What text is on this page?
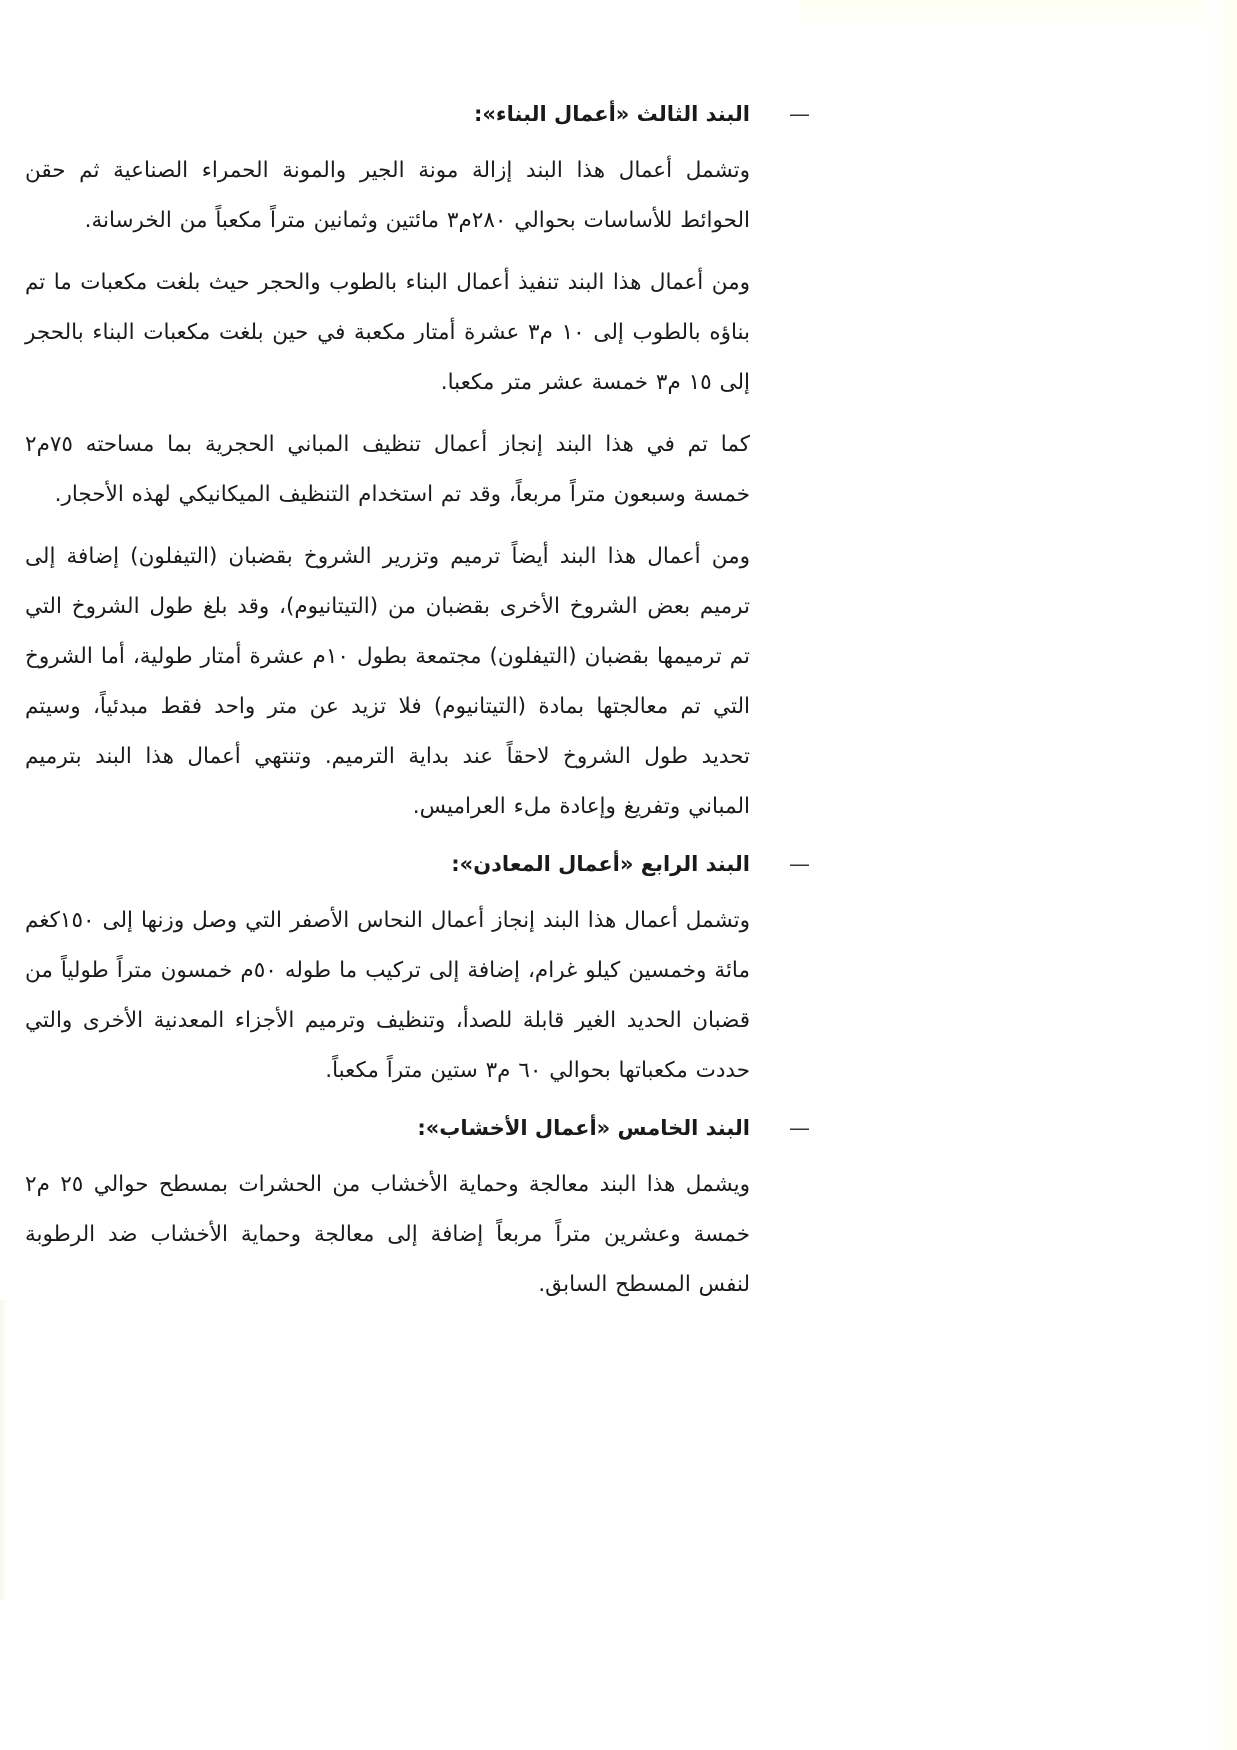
—
البند الثالث «أعمال البناء»:

وتشمل أعمال هذا البند إزالة مونة الجير والمونة الحمراء الصناعية ثم حقن الحوائط للأساسات بحوالي ٢٨٠م٣ مائتين وثمانين متراً مكعباً من الخرسانة.

ومن أعمال هذا البند تنفيذ أعمال البناء بالطوب والحجر حيث بلغت مكعبات ما تم بناؤه بالطوب إلى ١٠ م٣ عشرة أمتار مكعبة في حين بلغت مكعبات البناء بالحجر إلى ١٥ م٣ خمسة عشر متر مكعبا.

كما تم في هذا البند إنجاز أعمال تنظيف المباني الحجرية بما مساحته ٧٥م٢ خمسة وسبعون متراً مربعاً، وقد تم استخدام التنظيف الميكانيكي لهذه الأحجار.

ومن أعمال هذا البند أيضاً ترميم وتزرير الشروخ بقضبان (التيفلون) إضافة إلى ترميم بعض الشروخ الأخرى بقضبان من (التيتانيوم)، وقد بلغ طول الشروخ التي تم ترميمها بقضبان (التيفلون) مجتمعة بطول ١٠م عشرة أمتار طولية، أما الشروخ التي تم معالجتها بمادة (التيتانيوم) فلا تزيد عن متر واحد فقط مبدئياً، وسيتم تحديد طول الشروخ لاحقاً عند بداية الترميم. وتنتهي أعمال هذا البند بترميم المباني وتفريغ وإعادة ملء العراميس.

—
البند الرابع «أعمال المعادن»:

وتشمل أعمال هذا البند إنجاز أعمال النحاس الأصفر التي وصل وزنها إلى ١٥٠كغم مائة وخمسين كيلو غرام، إضافة إلى تركيب ما طوله ٥٠م خمسون متراً طولياً من قضبان الحديد الغير قابلة للصدأ، وتنظيف وترميم الأجزاء المعدنية الأخرى والتي حددت مكعباتها بحوالي ٦٠ م٣ ستين متراً مكعباً.

—
البند الخامس «أعمال الأخشاب»:

ويشمل هذا البند معالجة وحماية الأخشاب من الحشرات بمسطح حوالي ٢٥ م٢ خمسة وعشرين متراً مربعاً إضافة إلى معالجة وحماية الأخشاب ضد الرطوبة لنفس المسطح السابق.
